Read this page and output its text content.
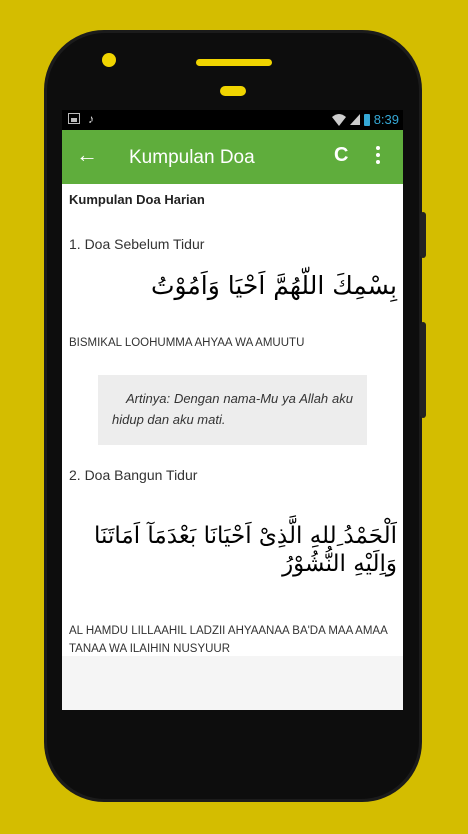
♪	8:39
← Kumpulan Doa	C
Kumpulan Doa Harian
1. Doa Sebelum Tidur
بِسْمِكَ اللّهُمَّ اَحْيَا وَاَمُوْتُ
BISMIKAL LOOHUMMA AHYAA WA AMUUTU
Artinya: Dengan nama-Mu ya Allah aku hidup dan aku mati.
2. Doa Bangun Tidur
اَلْحَمْدُ ِللهِ الَّذِىْ اَحْيَانَا بَعْدَمَآ اَمَاتَنَا وَاِلَيْهِ النُّشُوْرُ
AL HAMDU LILLAAHIL LADZII AHYAANAA BA'DA MAA AMAA TANAA WA ILAIHIN NUSYUUR
